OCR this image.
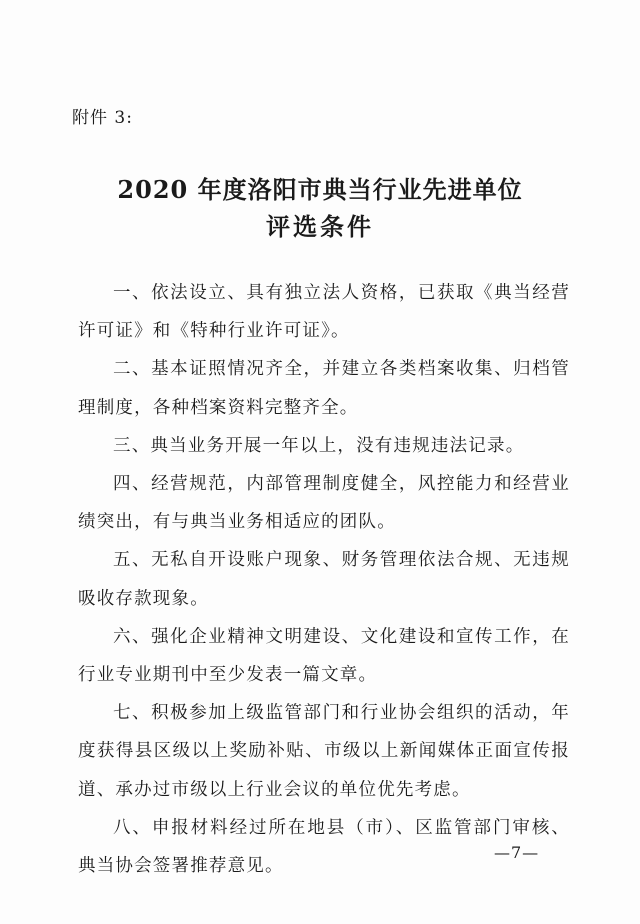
附件 3:
2020 年度洛阳市典当行业先进单位
评选条件

一、依法设立、具有独立法人资格，已获取《典当经营许可证》和《特种行业许可证》。

二、基本证照情况齐全，并建立各类档案收集、归档管理制度，各种档案资料完整齐全。

三、典当业务开展一年以上，没有违规违法记录。

四、经营规范，内部管理制度健全，风控能力和经营业绩突出，有与典当业务相适应的团队。

五、无私自开设账户现象、财务管理依法合规、无违规吸收存款现象。

六、强化企业精神文明建设、文化建设和宣传工作，在行业专业期刊中至少发表一篇文章。

七、积极参加上级监管部门和行业协会组织的活动，年度获得县区级以上奖励补贴、市级以上新闻媒体正面宣传报道、承办过市级以上行业会议的单位优先考虑。

八、申报材料经过所在地县（市）、区监管部门审核、典当协会签署推荐意见。

—7—
